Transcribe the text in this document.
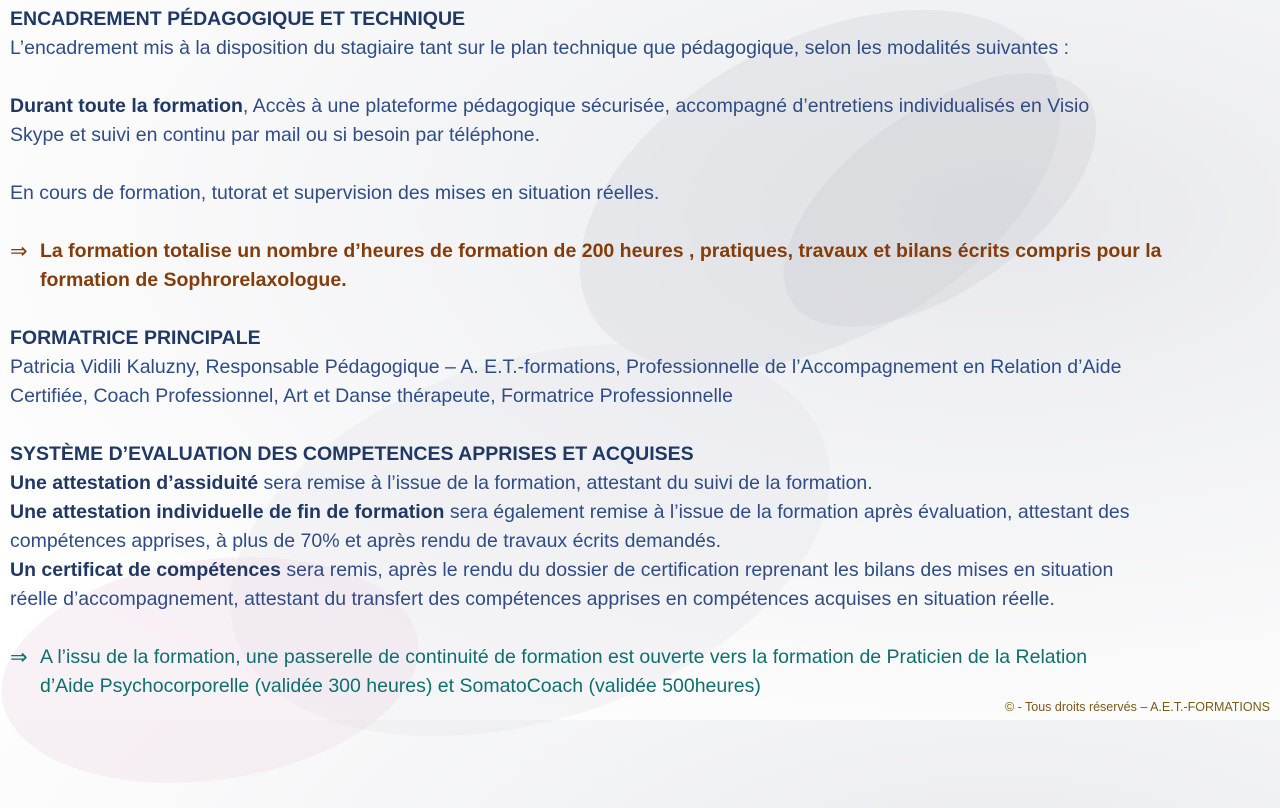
ENCADREMENT PÉDAGOGIQUE ET TECHNIQUE
L’encadrement mis à la disposition du stagiaire tant sur le plan technique que pédagogique, selon les modalités suivantes :
Durant toute la formation, Accès à une plateforme pédagogique sécurisée, accompagné d’entretiens individualisés en Visio
Skype et suivi en continu par mail ou si besoin par téléphone.
En cours de formation, tutorat et supervision des mises en situation réelles.
⇒ La formation totalise un nombre d’heures de formation de 200 heures , pratiques, travaux et bilans écrits compris pour la
formation de Sophrorelaxologue.
FORMATRICE PRINCIPALE
Patricia Vidili Kaluzny, Responsable Pédagogique – A. E.T.-formations, Professionnelle de l’Accompagnement en Relation d’Aide
Certifiée, Coach Professionnel, Art et Danse thérapeute, Formatrice Professionnelle
SYSTÈME D’EVALUATION DES COMPETENCES APPRISES ET ACQUISES
Une attestation d’assiduité sera remise à l’issue de la formation, attestant du suivi de la formation.
Une attestation individuelle de fin de formation sera également remise à l’issue de la formation après évaluation, attestant des
compétences apprises, à plus de 70% et après rendu de travaux écrits demandés.
Un certificat de compétences sera remis, après le rendu du dossier de certification reprenant les bilans des mises en situation
réelle d’accompagnement, attestant du transfert des compétences apprises en compétences acquises en situation réelle.
⇒ A l’issu de la formation, une passerelle de continuité de formation est ouverte vers la formation de Praticien de la Relation
d’Aide Psychocorporelle (validée 300 heures) et SomatoCoach (validée 500heures)
© - Tous droits réservés – A.E.T.-FORMATIONS
